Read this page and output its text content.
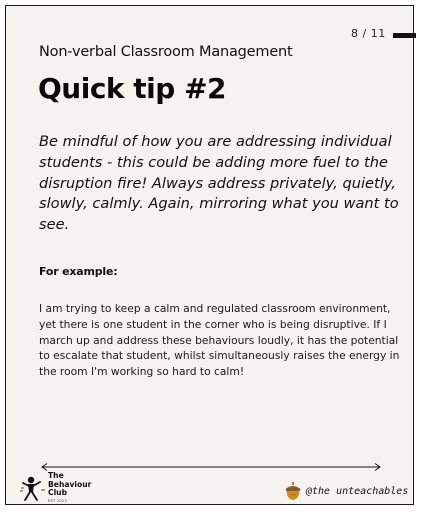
8 / 11
Non-verbal Classroom Management
Quick tip #2

Be mindful of how you are addressing individual students - this could be adding more fuel to the disruption fire! Always address privately, quietly, slowly, calmly. Again, mirroring what you want to see.

For example:

I am trying to keep a calm and regulated classroom environment, yet there is one student in the corner who is being disruptive. If I march up and address these behaviours loudly, it has the potential to escalate that student, whilst simultaneously raises the energy in the room I'm working so hard to calm!

The
Behaviour
Club
EST 2023
@the unteachables
